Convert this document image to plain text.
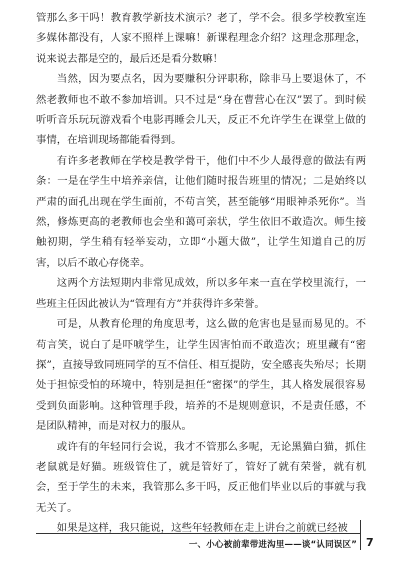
管那么多干吗！教育教学新技术演示？老了，学不会。很多学校教室连多媒体都没有，人家不照样上课嘛！新课程理念介绍？这理念那理念，说来说去都是空的，最后还是看分数嘛！

当然，因为要点名，因为要赚积分评职称，除非马上要退休了，不然老教师也不敢不参加培训。只不过是“身在曹营心在汉”罢了。到时候听听音乐玩玩游戏看个电影再睡会儿天，反正不允许学生在课堂上做的事情，在培训现场都能看得到。

有许多老教师在学校是教学骨干，他们中不少人最得意的做法有两条：一是在学生中培养亲信，让他们随时报告班里的情况；二是始终以严肃的面孔出现在学生面前，不苟言笑，甚至能够“用眼神杀死你”。当然，修炼更高的老教师也会坐和蔼可亲状，学生依旧不敢造次。师生接触初期，学生稍有轻举妄动，立即“小题大做”，让学生知道自己的厉害，以后不敢心存侥幸。

这两个方法短期内非常见成效，所以多年来一直在学校里流行，一些班主任因此被认为“管理有方”并获得许多荣誉。

可是，从教育伦理的角度思考，这么做的危害也是显而易见的。不苟言笑，说白了是吓唬学生，让学生因害怕而不敢造次；班里藏有“密探”，直接导致同班同学的互不信任、相互提防，安全感丧失殆尽；长期处于担惊受怕的环境中，特别是担任“密探”的学生，其人格发展很容易受到负面影响。这种管理手段，培养的不是规则意识，不是责任感，不是团队精神，而是对权力的服从。

或许有的年轻同行会说，我才不管那么多呢，无论黑猫白猫，抓住老鼠就是好猫。班级管住了，就是管好了，管好了就有荣誉，就有机会，至于学生的未来，我管那么多干吗，反正他们毕业以后的事就与我无关了。

如果是这样，我只能说，这些年轻教师在走上讲台之前就已经被

一、小心被前辈带进沟里——谈“认同误区” 7
